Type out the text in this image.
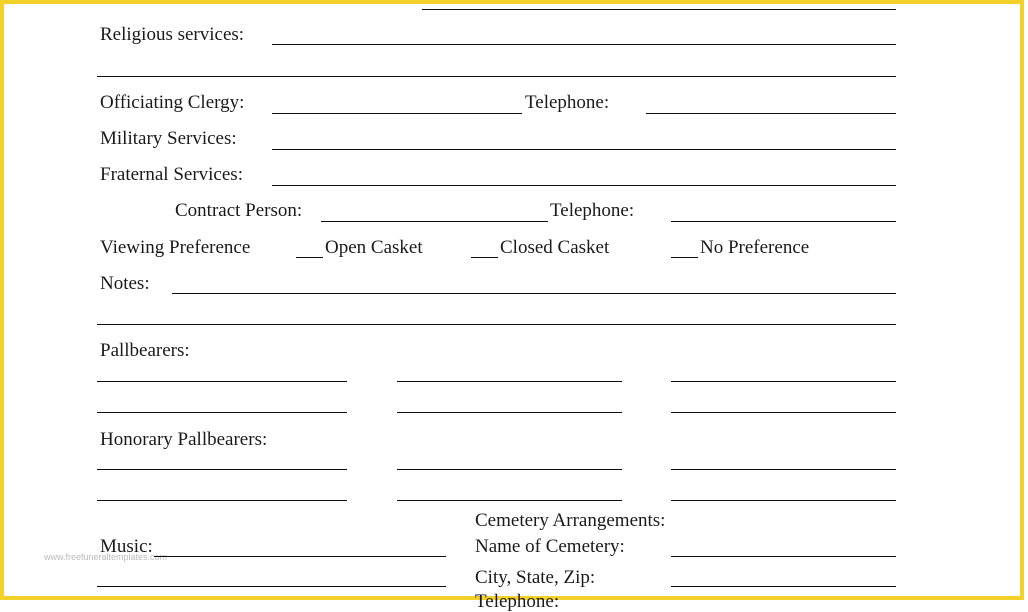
Religious services:
Officiating Clergy:	Telephone:
Military Services:
Fraternal Services:
Contract Person:	Telephone:
Viewing Preference	Open Casket	Closed Casket	No Preference
Notes:
Pallbearers:
Honorary Pallbearers:
Cemetery Arrangements:
Music:
www.freefuneraltemplates.com	Name of Cemetery:
City, State, Zip:
Telephone:
